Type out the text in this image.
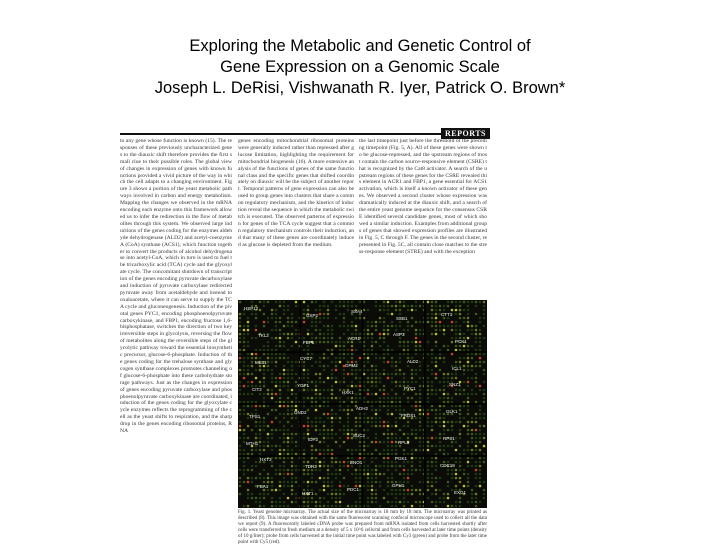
Exploring the Metabolic and Genetic Control of
Gene Expression on a Genomic Scale
Joseph L. DeRisi, Vishwanath R. Iyer, Patrick O. Brown*
REPORTS
to any gene whose function is known (15). The responses of these previously uncharacterized genes to the diauxic shift therefore provides the first small clue to their possible roles. The global view of changes in expression of genes with known functions provided a vivid picture of the way in which the cell adapts to a changing environment. Figure 3 shows a portion of the yeast metabolic pathways involved in carbon and energy metabolism. Mapping the changes we observed in the mRNA encoding each enzyme onto this framework allowed us to infer the redirection in the flow of metabolites through this system. We observed large inductions of the genes coding for the enzymes aldehyde dehydrogenase (ALD2) and acetyl-coenzyme A (CoA) synthase (ACS1), which function together to convert the products of alcohol dehydrogenase into acetyl-CoA, which in turn is used to fuel the tricarboxylic acid (TCA) cycle and the glyoxylate cycle. The concomitant shutdown of transcription of the genes encoding pyruvate decarboxylase and induction of pyruvate carboxylase redirected pyruvate away from acetaldehyde and instead to oxaloacetate, where it can serve to supply the TCA cycle and gluconeogenesis. Induction of the pivotal genes PYC1, encoding phosphoenolpyruvate carboxykinase, and FBP1, encoding fructose 1,6-bisphosphatase, switches the direction of two key irreversible steps in glycolysis, reversing the flow of metabolites along the reversible steps of the glycolytic pathway toward the essential biosynthetic precursor, glucose-6-phosphate. Induction of the genes coding for the trehalose synthase and glycogen synthase complexes promotes channeling of glucose-6-phosphate into these carbohydrate storage pathways. Just as the changes in expression of genes encoding pyruvate carboxylase and phosphoenolpyruvate carboxykinase are coordinated, induction of the genes coding for the glyoxylate cycle enzymes reflects the reprogramming of the cell as the yeast shifts to respiration, and the sharp drop in the genes encoding ribosomal proteins, RNA
genes encoding mitochondrial ribosomal proteins were generally induced rather than repressed after glucose limitation, highlighting the requirement for mitochondrial biogenesis (16). A more extensive analysis of the functions of genes of the same functional class and the specific genes that shifted coordinately on diauxic will be the subject of another report. Temporal patterns of gene expression can also be used to group genes into clusters that share a common regulatory mechanism, and the kinetics of induction reveal the sequence in which the metabolic switch is executed. The observed patterns of expression for genes of the TCA cycle suggest that a common regulatory mechanism controls their induction, and that many of these genes are coordinately induced as glucose is depleted from the medium.
the last timepoint just before the threshold of the preceding timepoint (Fig. 5, A). All of these genes were shown to be glucose-repressed, and the upstream regions of most contain the carbon source-responsive element (CSRE) that is recognized by the Cat8 activator. A search of the upstream regions of these genes for the CSRE revealed this element in ACR1 and FBP1, a gene essential for ACS1 activation, which is itself a known activator of these genes. We observed a second cluster whose expression was dramatically induced at the diauxic shift, and a search of the entire yeast genome sequence for the consensus CSRE identified several candidate genes, most of which showed a similar induction. Examples from additional groups of genes that showed expression profiles are illustrated in Fig. 5, C through F. The genes in the second cluster, represented in Fig. 5C, all contain close matches to the stress-response element (STRE) and with the exception
HSP12
GSP2
SSA4
SSB1
CTT1
TKL2
FBP1
ACR1
ASP3
PCK1
MLS1
CYC7
GPM2
ALD2
ICL1
CIT2
YGP1
HXK1
PYC1
SNZ1
TPS1
GND2
ADH2
FRDS1
GLK1
MTH1
IDP2
SUC2
RPL3
RPS1
HXT3
TDH3
ENO1
PGK1
CDC19
FBA1
HXT1
PDC1
GPH1
EXG1
Fig. 1. Yeast genome microarray. The actual size of the microarray is 18 mm by 18 mm. The microarray was printed as described (8). This image was obtained with the same fluorescent scanning confocal microscope used to collect all the data we report (9). A fluorescently labeled cDNA probe was prepared from mRNA isolated from cells harvested shortly after cells were transferred to fresh medium at a density of 5 x 10^6 cells/ml and from cells harvested at later time points (density of 10 g/liter); probe from cells harvested at the initial time point was labeled with Cy3 (green) and probe from the later time point with Cy5 (red).
